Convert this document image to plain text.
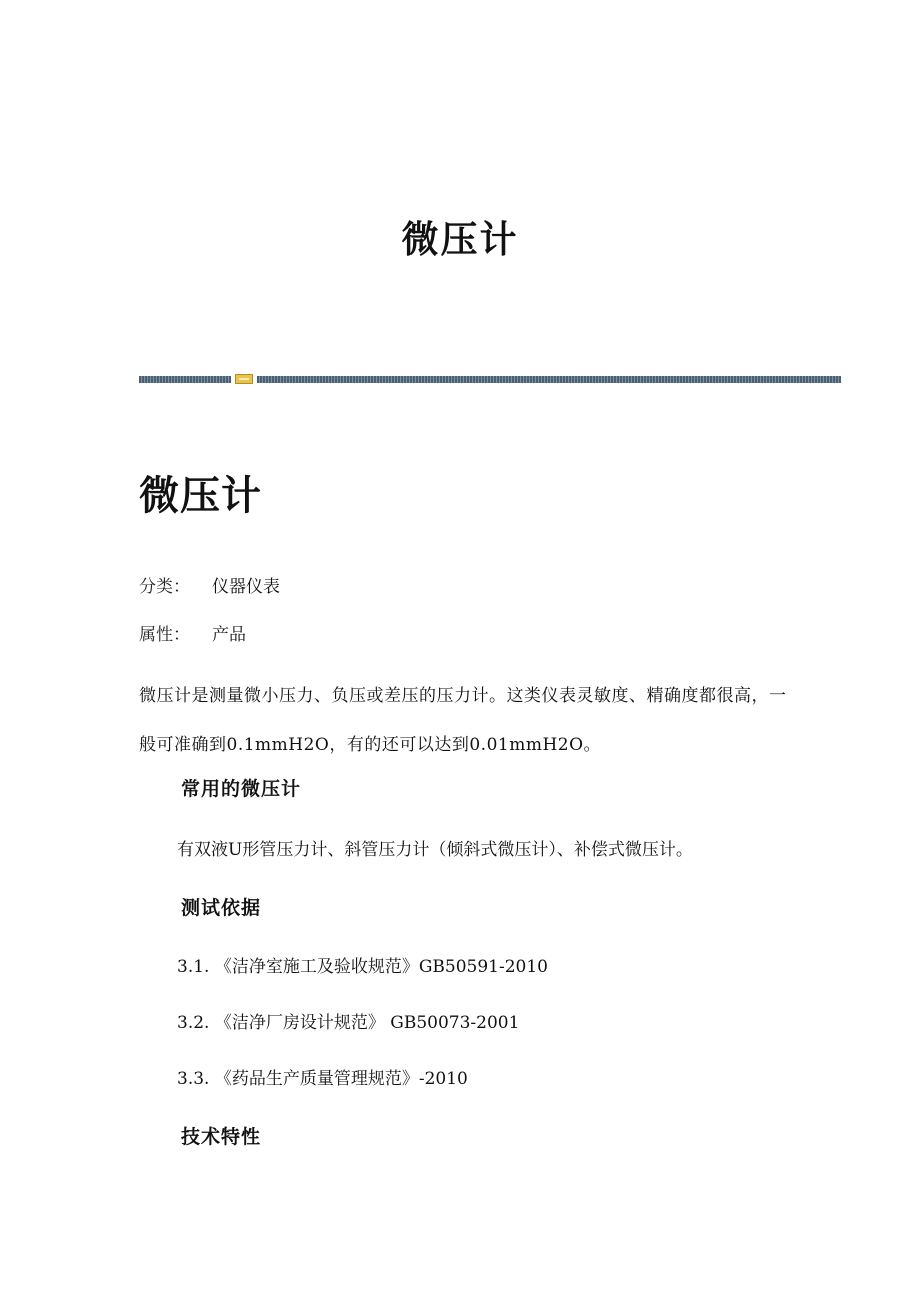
微压计
微压计
分类： 仪器仪表
属性： 产品
微压计是测量微小压力、负压或差压的压力计。这类仪表灵敏度、精确度都很高，一般可准确到0.1mmH2O，有的还可以达到0.01mmH2O。
常用的微压计
有双液U形管压力计、斜管压力计（倾斜式微压计）、补偿式微压计。
测试依据
3.1. 《洁净室施工及验收规范》GB50591-2010
3.2. 《洁净厂房设计规范》 GB50073-2001
3.3. 《药品生产质量管理规范》-2010
技术特性
